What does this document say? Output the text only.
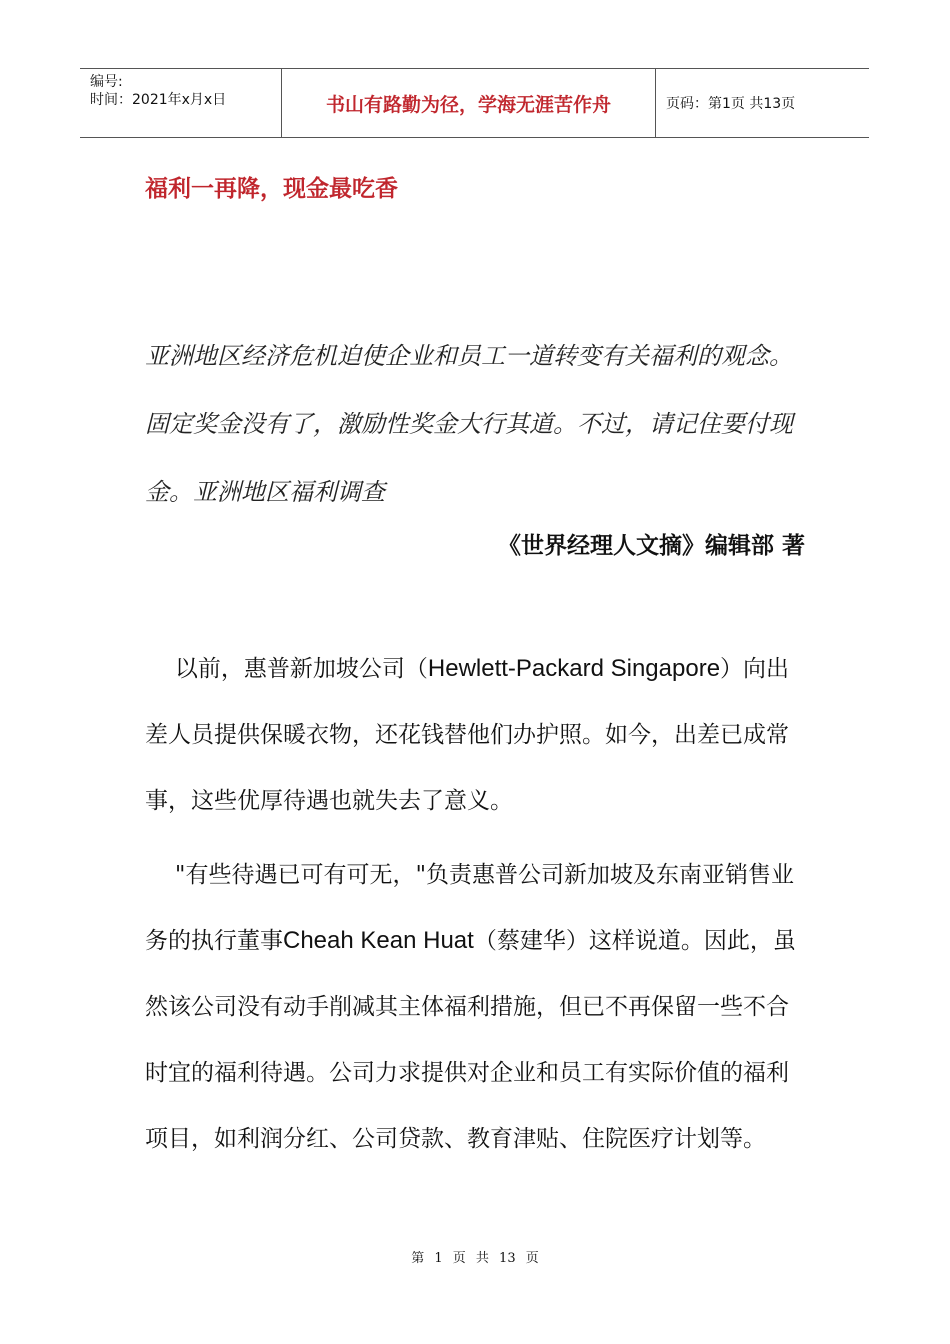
编号:
时间：2021年x月x日	书山有路勤为径，学海无涯苦作舟	页码：第1页 共13页
福利一再降，现金最吃香

亚洲地区经济危机迫使企业和员工一道转变有关福利的观念。固定奖金没有了，激励性奖金大行其道。不过，请记住要付现金。亚洲地区福利调查

《世界经理人文摘》编辑部 著

以前，惠普新加坡公司（Hewlett-Packard Singapore）向出差人员提供保暖衣物，还花钱替他们办护照。如今，出差已成常事，这些优厚待遇也就失去了意义。

"有些待遇已可有可无，"负责惠普公司新加坡及东南亚销售业务的执行董事Cheah Kean Huat（蔡建华）这样说道。因此，虽然该公司没有动手削减其主体福利措施，但已不再保留一些不合时宜的福利待遇。公司力求提供对企业和员工有实际价值的福利项目，如利润分红、公司贷款、教育津贴、住院医疗计划等。

第 1 页 共 13 页
